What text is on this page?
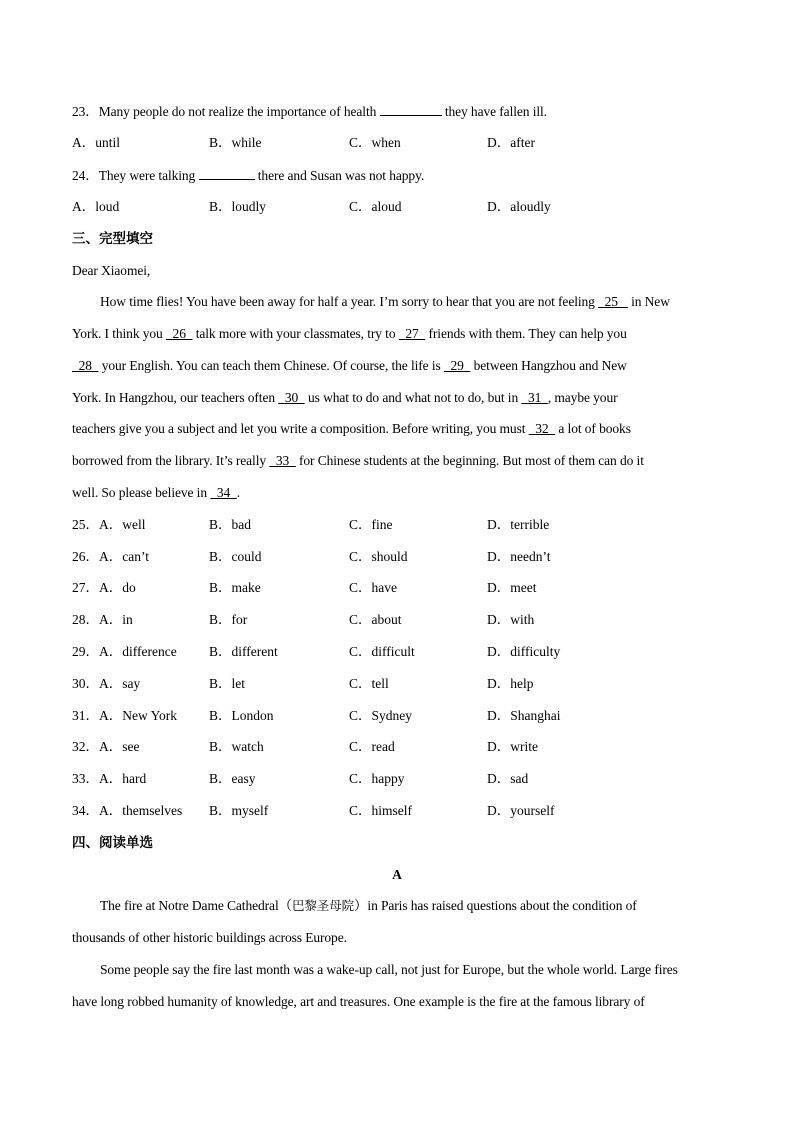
23．Many people do not realize the importance of health	they have fallen ill.
A．until	B．while	C．when	D．after
24．They were talking	there and Susan was not happy.
A．loud	B．loudly	C．aloud	D．aloudly
三、完型填空
Dear Xiaomei,
How time flies! You have been away for half a year. I’m sorry to hear that you are not feeling 25 in New
York. I think you 26 talk more with your classmates, try to 27 friends with them. They can help you
28 your English. You can teach them Chinese. Of course, the life is 29 between Hangzhou and New
York. In Hangzhou, our teachers often 30 us what to do and what not to do, but in 31 , maybe your
teachers give you a subject and let you write a composition. Before writing, you must 32 a lot of books
borrowed from the library. It’s really 33 for Chinese students at the beginning. But most of them can do it
well. So please believe in 34 .
25．A．well	B．bad	C．fine	D．terrible
26．A．can’t	B．could	C．should	D．needn’t
27．A．do	B．make	C．have	D．meet
28．A．in	B．for	C．about	D．with
29．A．difference B．different	C．difficult	D．difficulty
30．A．say	B．let	C．tell	D．help
31．A．New York B．London	C．Sydney	D．Shanghai
32．A．see	B．watch	C．read	D．write
33．A．hard	B．easy	C．happy	D．sad
34．A．themselves B．myself	C．himself	D．yourself
四、阅读单选
A
The fire at Notre Dame Cathedral（巴黎圣母院）in Paris has raised questions about the condition of
thousands of other historic buildings across Europe.
Some people say the fire last month was a wake-up call, not just for Europe, but the whole world. Large fires
have long robbed humanity of knowledge, art and treasures. One example is the fire at the famous library of
